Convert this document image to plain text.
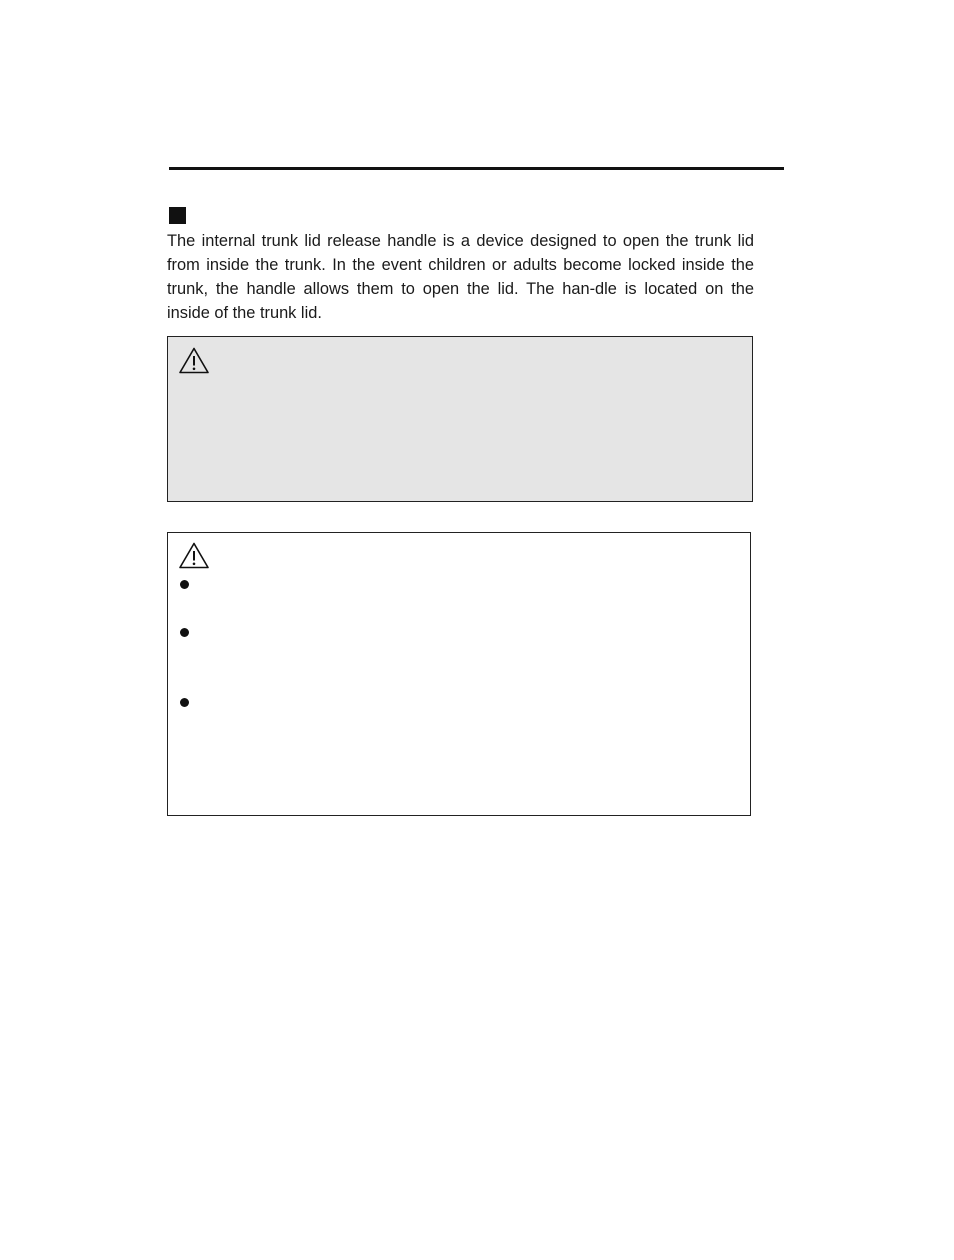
The internal trunk lid release handle is a device designed to open the trunk lid from inside the trunk. In the event children or adults become locked inside the trunk, the handle allows them to open the lid. The han-dle is located on the inside of the trunk lid.
